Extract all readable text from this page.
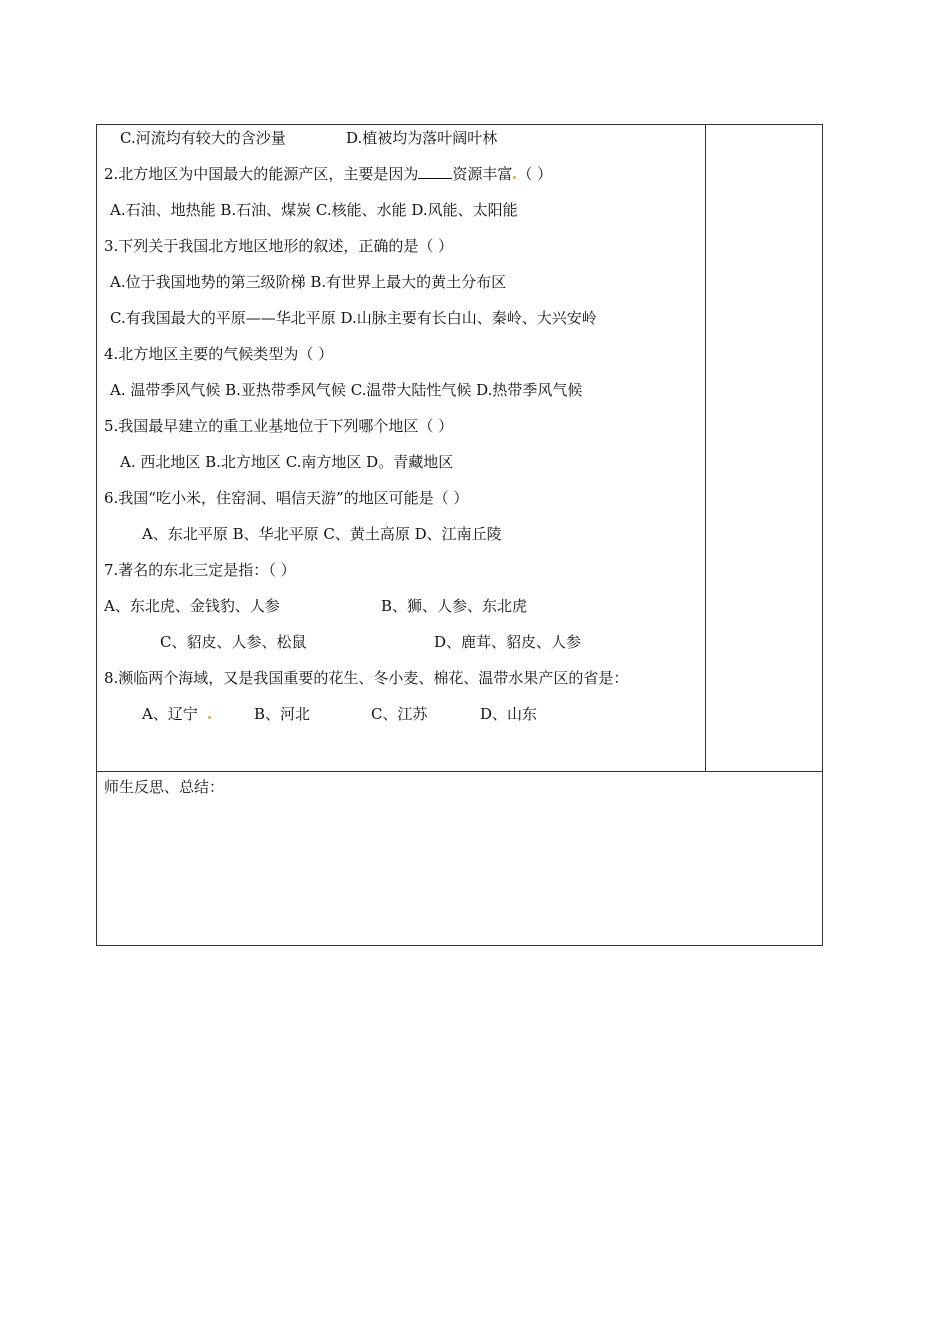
C.河流均有较大的含沙量	D.植被均为落叶阔叶林
2.北方地区为中国最大的能源产区，主要是因为 资源丰富 （ ）
A.石油、地热能 B.石油、煤炭 C.核能、水能 D.风能、太阳能
3.下列关于我国北方地区地形的叙述，正确的是（ ）
A.位于我国地势的第三级阶梯 B.有世界上最大的黄土分布区
C.有我国最大的平原——华北平原 D.山脉主要有长白山、秦岭、大兴安岭
4.北方地区主要的气候类型为（ ）
A. 温带季风气候 B.亚热带季风气候 C.温带大陆性气候 D.热带季风气候
5.我国最早建立的重工业基地位于下列哪个地区（ ）
A. 西北地区 B.北方地区 C.南方地区 D。青藏地区
6.我国“吃小米，住窑洞、唱信天游”的地区可能是（ ）
A、东北平原 B、华北平原 C、黄土高原 D、江南丘陵
7.著名的东北三定是指：（ ）
A、东北虎、金钱豹、人参	B、狮、人参、东北虎
C、貂皮、人参、松鼠	D、鹿茸、貂皮、人参
8.濒临两个海域，又是我国重要的花生、冬小麦、棉花、温带水果产区的省是：
A、辽宁	B、河北	C、江苏	D、山东
师生反思、总结：
